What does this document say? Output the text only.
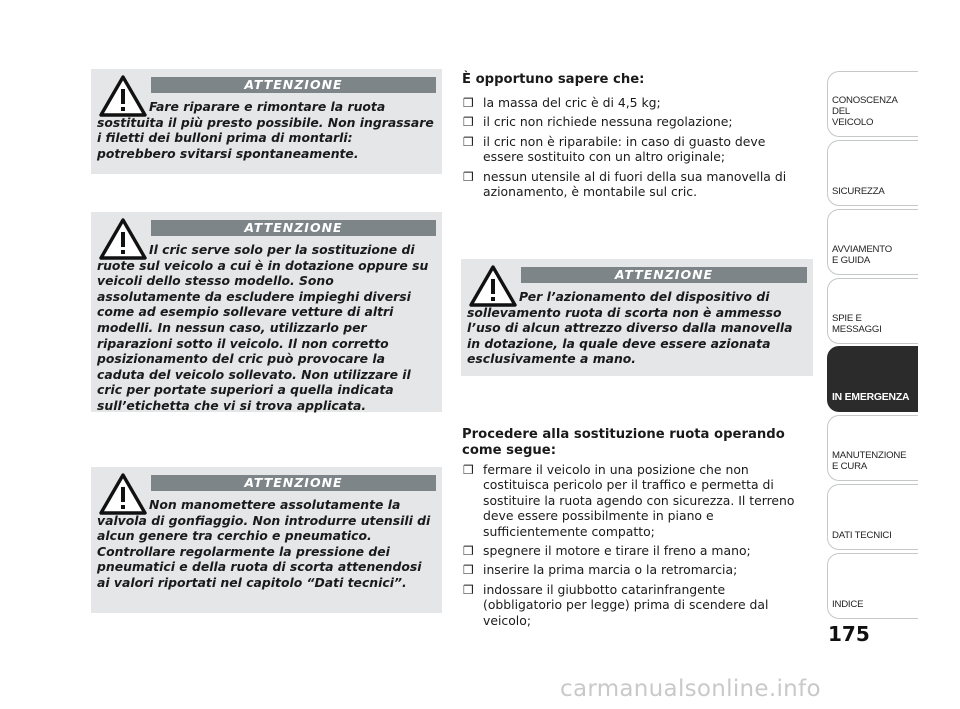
ATTENZIONE
Fare riparare e rimontare la ruota sostituita il più presto possibile. Non ingrassare i filetti dei bulloni prima di montarli: potrebbero svitarsi spontaneamente.
ATTENZIONE
Il cric serve solo per la sostituzione di ruote sul veicolo a cui è in dotazione oppure su veicoli dello stesso modello. Sono assolutamente da escludere impieghi diversi come ad esempio sollevare vetture di altri modelli. In nessun caso, utilizzarlo per riparazioni sotto il veicolo. Il non corretto posizionamento del cric può provocare la caduta del veicolo sollevato. Non utilizzare il cric per portate superiori a quella indicata sull’etichetta che vi si trova applicata.
ATTENZIONE
Non manomettere assolutamente la valvola di gonfiaggio. Non introdurre utensili di alcun genere tra cerchio e pneumatico. Controllare regolarmente la pressione dei pneumatici e della ruota di scorta attenendosi ai valori riportati nel capitolo “Dati tecnici”.
ATTENZIONE
Per l’azionamento del dispositivo di sollevamento ruota di scorta non è ammesso l’uso di alcun attrezzo diverso dalla manovella in dotazione, la quale deve essere azionata esclusivamente a mano.
È opportuno sapere che:
❒ la massa del cric è di 4,5 kg;
❒ il cric non richiede nessuna regolazione;
❒ il cric non è riparabile: in caso di guasto deve essere sostituito con un altro originale;
❒ nessun utensile al di fuori della sua manovella di azionamento, è montabile sul cric.
Procedere alla sostituzione ruota operando come segue:
❒ fermare il veicolo in una posizione che non costituisca pericolo per il traffico e permetta di sostituire la ruota agendo con sicurezza. Il terreno deve essere possibilmente in piano e sufficientemente compatto;
❒ spegnere il motore e tirare il freno a mano;
❒ inserire la prima marcia o la retromarcia;
❒ indossare il giubbotto catarinfrangente (obbligatorio per legge) prima di scendere dal veicolo;
CONOSCENZA
DEL
VEICOLO
SICUREZZA
AVVIAMENTO
E GUIDA
SPIE E
MESSAGGI
IN EMERGENZA
MANUTENZIONE
E CURA
DATI TECNICI
INDICE
175
carmanualsonline.info
